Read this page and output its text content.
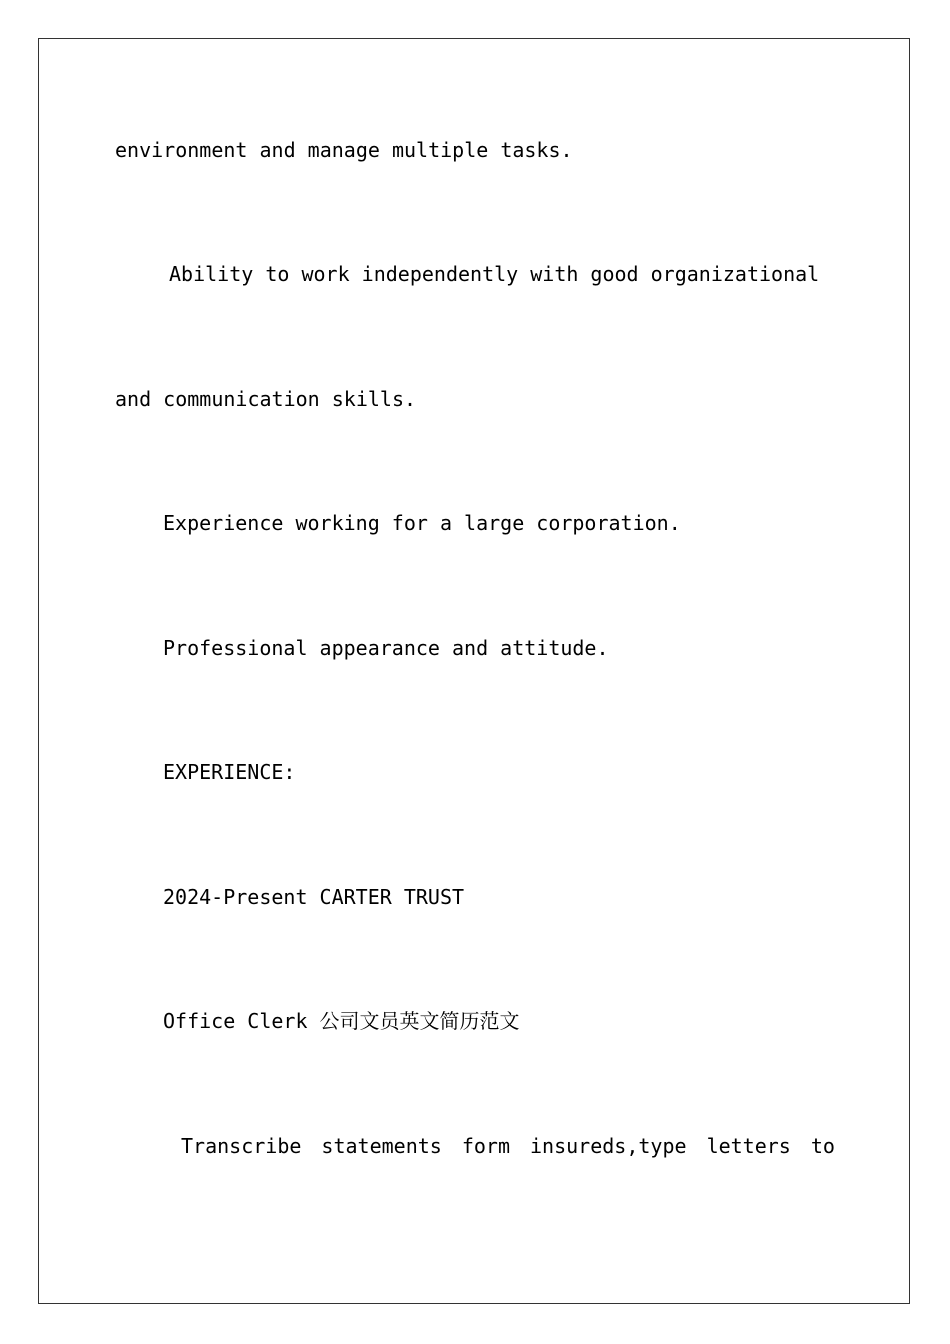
environment and manage multiple tasks.

Ability to work independently with good organizational

and communication skills.

Experience working for a large corporation.

Professional appearance and attitude.

EXPERIENCE:

2024-Present CARTER TRUST

Office Clerk 公司文员英文简历范文

Transcribe statements form insureds,type letters to
